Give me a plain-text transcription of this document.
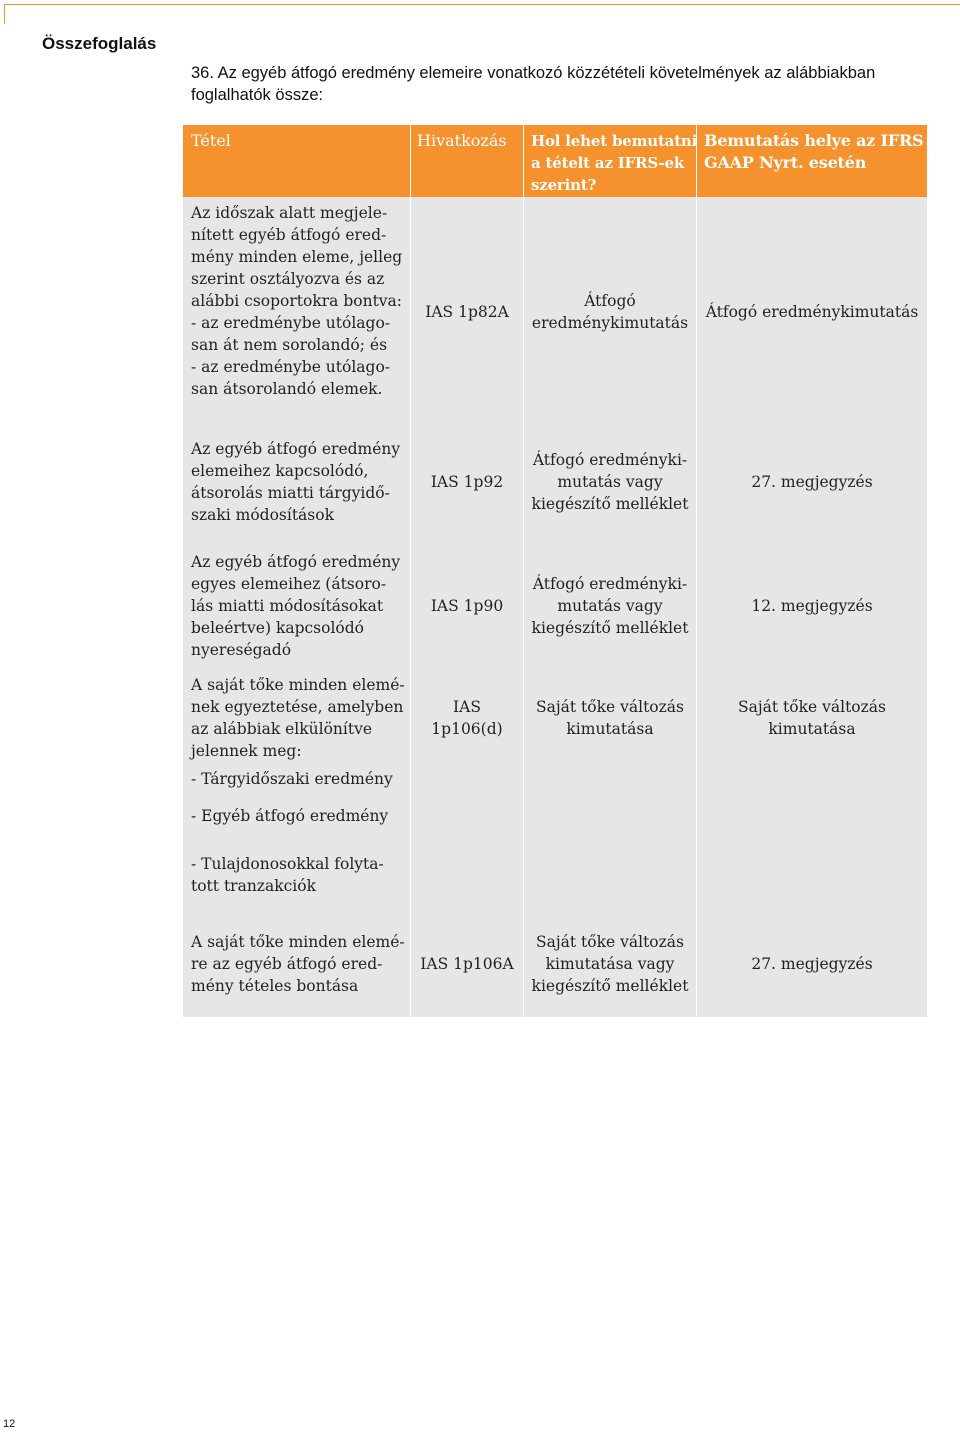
Összefoglalás
36. Az egyéb átfogó eredmény elemeire vonatkozó közzétételi követelmények az alábbiakban
foglalhatók össze:
Tétel	Hivatkozás Hol lehet bemutatni
a tételt az IFRS-ek
szerint?
Bemutatás helye az IFRS
GAAP Nyrt. esetén
Az időszak alatt megjele-
nített egyéb átfogó ered-
mény minden eleme, jelleg
szerint osztályozva és az
alábbi csoportokra bontva:
- az eredménybe utólago-
san át nem sorolandó; és
- az eredménybe utólago-
san átsorolandó elemek.
IAS 1p82A
Átfogó
eredménykimutatás
Átfogó eredménykimutatás
Az egyéb átfogó eredmény
elemeihez kapcsolódó,
átsorolás miatti tárgyidő-
szaki módosítások
IAS 1p92
Átfogó eredményki-
mutatás vagy
kiegészítő melléklet
27. megjegyzés
Az egyéb átfogó eredmény
egyes elemeihez (átsoro-
lás miatti módosításokat
beleértve) kapcsolódó
nyereségadó
IAS 1p90
Átfogó eredményki-
mutatás vagy
kiegészítő melléklet
12. megjegyzés
A saját tőke minden elemé-
nek egyeztetése, amelyben
az alábbiak elkülönítve
jelennek meg:
- Tárgyidőszaki eredmény
- Egyéb átfogó eredmény
- Tulajdonosokkal folyta-
tott tranzakciók
IAS
1p106(d)
Saját tőke változás
kimutatása
Saját tőke változás
kimutatása
A saját tőke minden elemé-
re az egyéb átfogó ered-
mény tételes bontása
IAS 1p106A
Saját tőke változás
kimutatása vagy
kiegészítő melléklet
27. megjegyzés
12
